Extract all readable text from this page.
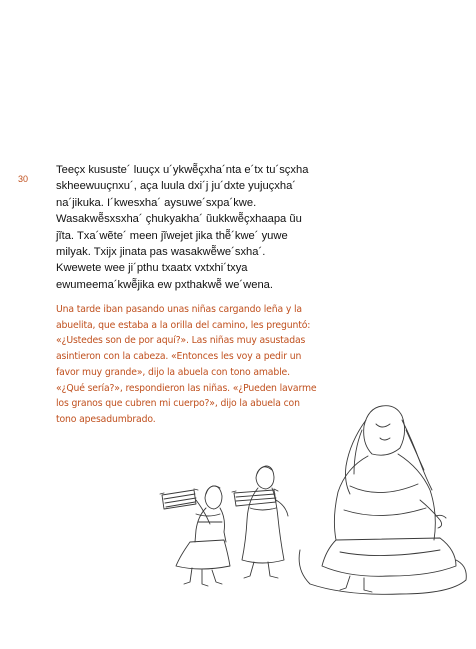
30

Teeçx kususte´ luuçx u´ykwẽ̃çxha´nta e´tx tu´sçxha
skheewuuçnxu´, aça luula dxi´j ju´dxte yujuçxha´
na´jikuka. I´kwesxha´ aysuwe´sxpa´kwe.
Wasakwẽ̃sxsxha´ çhukyakha´ ũukkwẽ̃çxhaapa ũu
jĩta. Txa´wẽte´ meen jĩwejet jika thẽ̃´kwe´ yuwe
milyak. Txijx jinata pas wasakwẽ̃we´sxha´.
Kwewete wee ji´pthu txaatx vxtxhi´txya
ewumeema´kwẽ̃jika ew pxthakwẽ̃ we´wena.

Una tarde iban pasando unas niñas cargando leña y la
abuelita, que estaba a la orilla del camino, les preguntó:
«¿Ustedes son de por aquí?». Las niñas muy asustadas
asintieron con la cabeza. «Entonces les voy a pedir un
favor muy grande», dijo la abuela con tono amable.
«¿Qué sería?», respondieron las niñas. «¿Pueden lavarme
los granos que cubren mi cuerpo?», dijo la abuela con
tono apesadumbrado.
